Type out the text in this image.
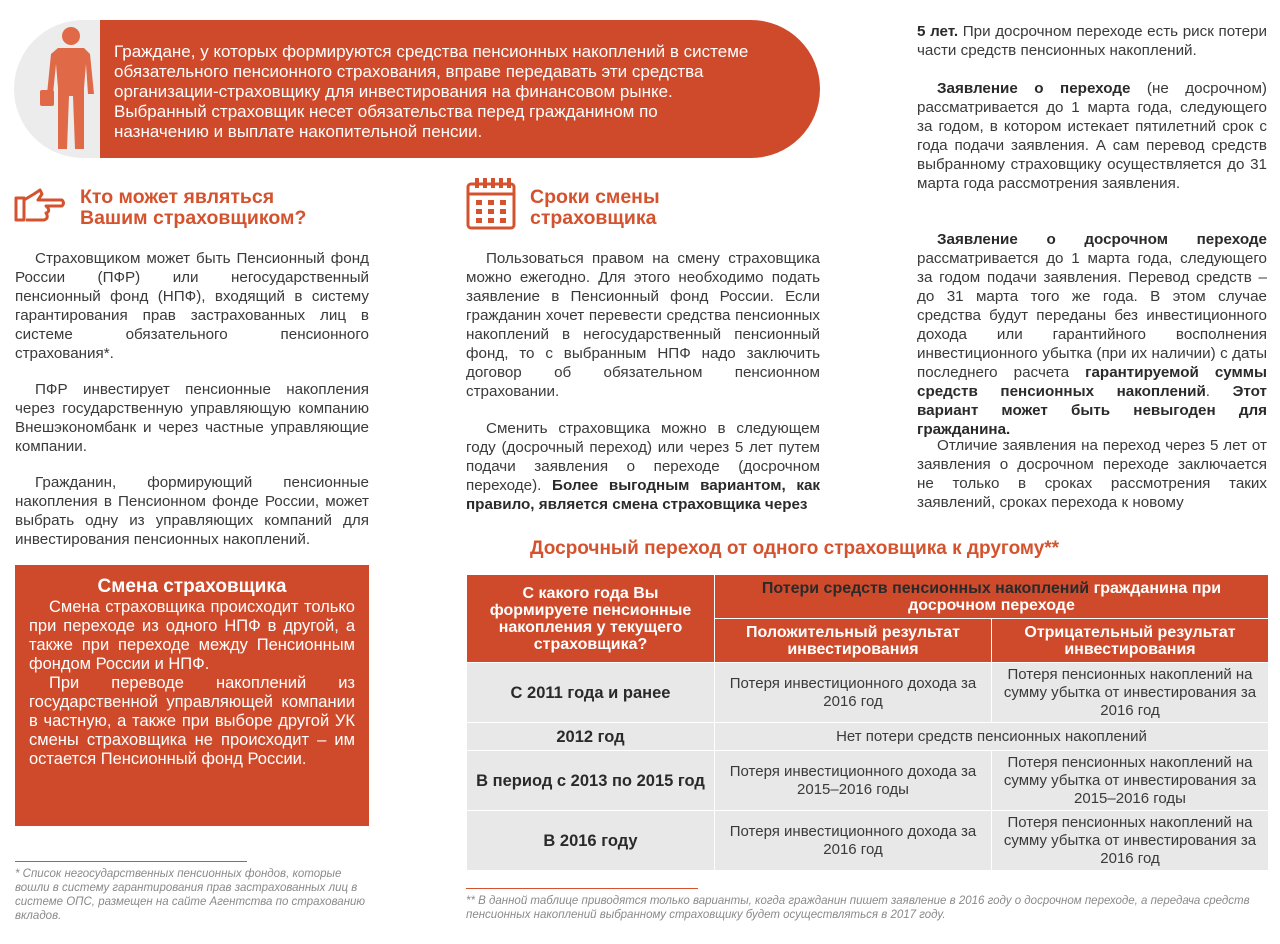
Граждане, у которых формируются средства пенсионных накоплений в системе обязательного пенсионного страхования, вправе передавать эти средства организации-страховщику для инвестирования на финансовом рынке. Выбранный страховщик несет обязательства перед гражданином по назначению и выплате накопительной пенсии.
Кто может являться
Вашим страховщиком?
Страховщиком может быть Пенсионный фонд России (ПФР) или негосударственный пенсионный фонд (НПФ), входящий в систему гарантирования прав застрахованных лиц в системе обязательного пенсионного страхования*.
ПФР инвестирует пенсионные накопления через государственную управляющую компанию Внешэкономбанк и через частные управляющие компании.
Гражданин, формирующий пенсионные накопления в Пенсионном фонде России, может выбрать одну из управляющих компаний для инвестирования пенсионных накоплений.
Смена страховщика
Смена страховщика происходит только при переходе из одного НПФ в другой, а также при переходе между Пенсионным фондом России и НПФ.
При переводе накоплений из государственной управляющей компании в частную, а также при выборе другой УК смены страховщика не происходит – им остается Пенсионный фонд России.
* Список негосударственных пенсионных фондов, которые вошли в систему гарантирования прав застрахованных лиц в системе ОПС, размещен на сайте Агентства по страхованию вкладов.
Сроки смены
страховщика
Пользоваться правом на смену страховщика можно ежегодно. Для этого необходимо подать заявление в Пенсионный фонд России. Если гражданин хочет перевести средства пенсионных накоплений в негосударственный пенсионный фонд, то с выбранным НПФ надо заключить договор об обязательном пенсионном страховании.
Сменить страховщика можно в следующем году (досрочный переход) или через 5 лет путем подачи заявления о переходе (досрочном переходе). Более выгодным вариантом, как правило, является смена страховщика через
5 лет. При досрочном переходе есть риск потери части средств пенсионных накоплений.
Заявление о переходе (не досрочном) рассматривается до 1 марта года, следующего за годом, в котором истекает пятилетний срок с года подачи заявления. А сам перевод средств выбранному страховщику осуществляется до 31 марта года рассмотрения заявления.
Заявление о досрочном переходе рассматривается до 1 марта года, следующего за годом подачи заявления. Перевод средств – до 31 марта того же года. В этом случае средства будут переданы без инвестиционного дохода или гарантийного восполнения инвестиционного убытка (при их наличии) с даты последнего расчета гарантируемой суммы средств пенсионных накоплений. Этот вариант может быть невыгоден для гражданина.
Отличие заявления на переход через 5 лет от заявления о досрочном переходе заключается не только в сроках рассмотрения таких заявлений, сроках перехода к новому
Досрочный переход от одного страховщика к другому**
С какого года Вы формируете пенсионные накопления у текущего страховщика?	Потери средств пенсионных накоплений гражданина при досрочном переходе	
	Положительный результат инвестирования	Отрицательный результат инвестирования
С 2011 года и ранее	Потеря инвестиционного дохода за 2016 год	Потеря пенсионных накоплений на сумму убытка от инвестирования за 2016 год
2012 год	Нет потери средств пенсионных накоплений	
В период с 2013 по 2015 год	Потеря инвестиционного дохода за 2015–2016 годы	Потеря пенсионных накоплений на сумму убытка от инвестирования за 2015–2016 годы
В 2016 году	Потеря инвестиционного дохода за 2016 год	Потеря пенсионных накоплений на сумму убытка от инвестирования за 2016 год
** В данной таблице приводятся только варианты, когда гражданин пишет заявление в 2016 году о досрочном переходе, а передача средств пенсионных накоплений выбранному страховщику будет осуществляться в 2017 году.
